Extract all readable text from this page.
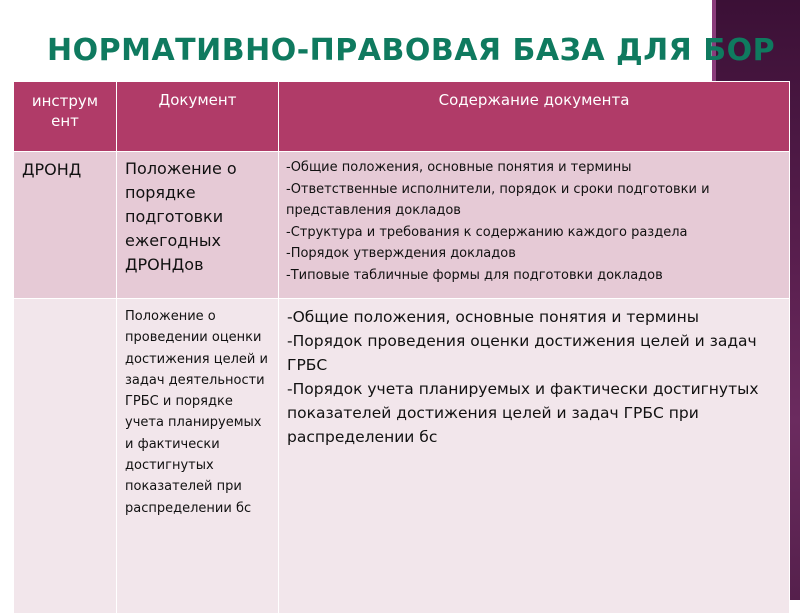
НОРМАТИВНО-ПРАВОВАЯ БАЗА ДЛЯ БОР
инструм ент	Документ	Содержание документа
ДРОНД	Положение о порядке подготовки ежегодных ДРОНДов	-Общие положения, основные понятия и термины
-Ответственные исполнители, порядок и сроки подготовки и представления докладов
-Структура и требования к содержанию каждого раздела
-Порядок утверждения докладов
-Типовые табличные формы для подготовки докладов

	Положение о проведении оценки достижения целей и задач деятельности ГРБС и порядке учета планируемых и фактически достигнутых показателей при распределении бс	-Общие положения, основные понятия и термины
-Порядок проведения оценки достижения целей и задач ГРБС
-Порядок учета планируемых и фактически достигнутых показателей достижения целей и задач ГРБС при распределении бс
